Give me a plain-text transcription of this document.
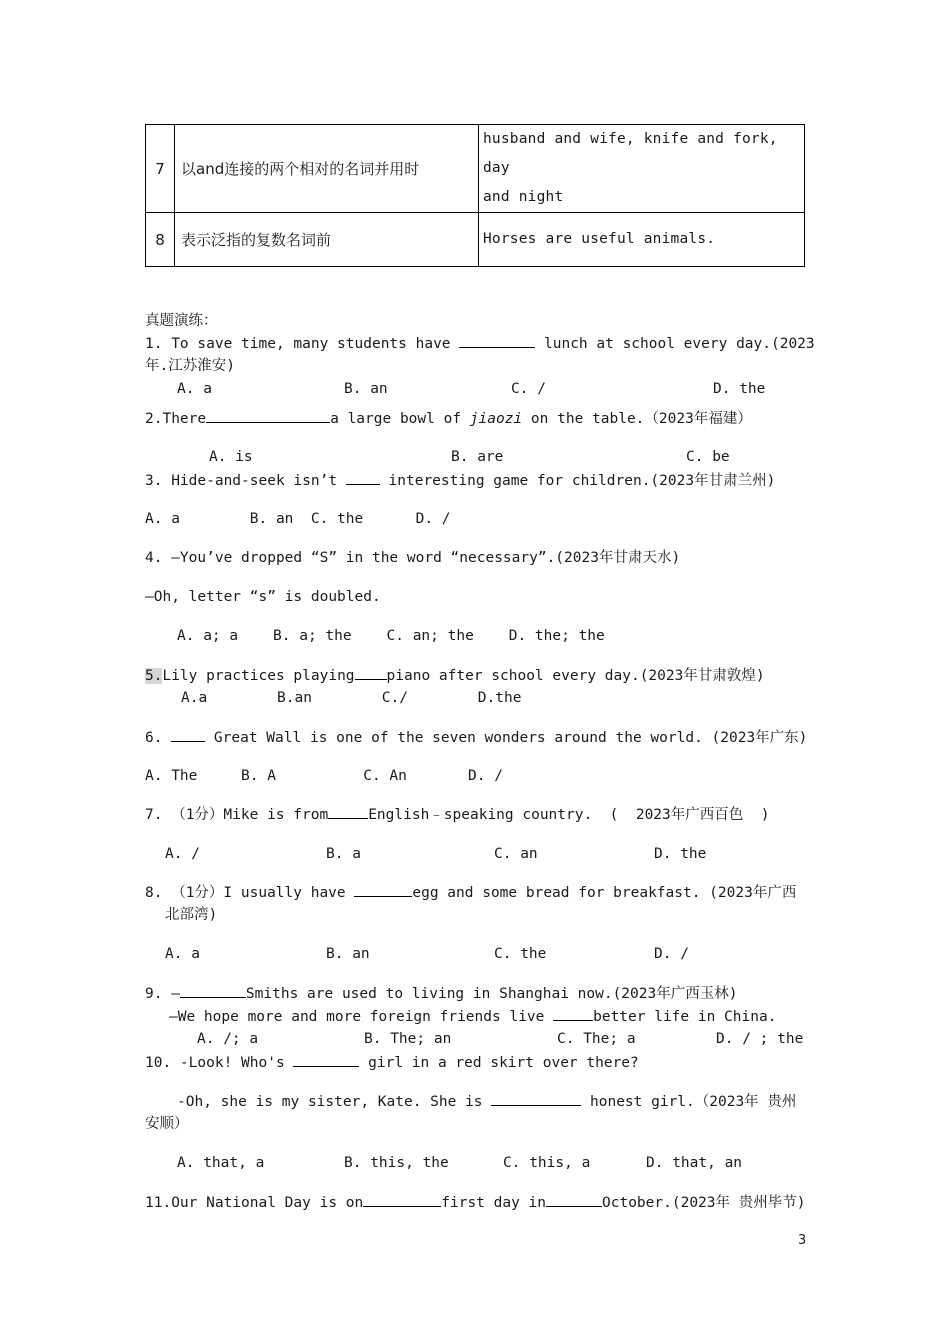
7	以and连接的两个相对的名词并用时	husband and wife, knife and fork, day
and night
8	表示泛指的复数名词前	Horses are useful animals.
真题演练：
1. To save time, many students have	lunch at school every day.(2023
年.江苏淮安)
A. a	B. an	C. /	D. the
2.There	a large bowl of jiaozi on the table.（2023年福建）
A. is	B. are	C. be
3. Hide-and-seek isn’t  interesting game for children.(2023年甘肃兰州)
A. a        B. an  C. the      D. /
4. —You’ve dropped “S” in the word “necessary”.(2023年甘肃天水)
—Oh, letter “s” is doubled.
A. a; a    B. a; the    C. an; the    D. the; the
5.Lily practices playing piano after school every day.(2023年甘肃敦煌)
A.a        B.an        C./        D.the
6.  Great Wall is one of the seven wonders around the world. (2023年广东)
A. The     B. A          C. An       D. /
7. （1分）Mike is from	English﹣speaking country.  (  2023年广西百色  )
A. /	B. a	C. an	D. the
8. （1分）I usually have	egg and some bread for breakfast. (2023年广西
北部湾)
A. a	B. an	C. the	D. /
9. —	Smiths are used to living in Shanghai now.(2023年广西玉林)
—We hope more and more foreign friends live	better life in China.
A. /; a	B. The; an	C. The; a	D. / ; the
10. -Look! Who's	girl in a red skirt over there?
-Oh, she is my sister, Kate. She is	honest girl.（2023年 贵州
安顺）
A. that, a	B. this, the	C. this, a	D. that, an
11.Our National Day is on	first day in	October.(2023年 贵州毕节)
3
